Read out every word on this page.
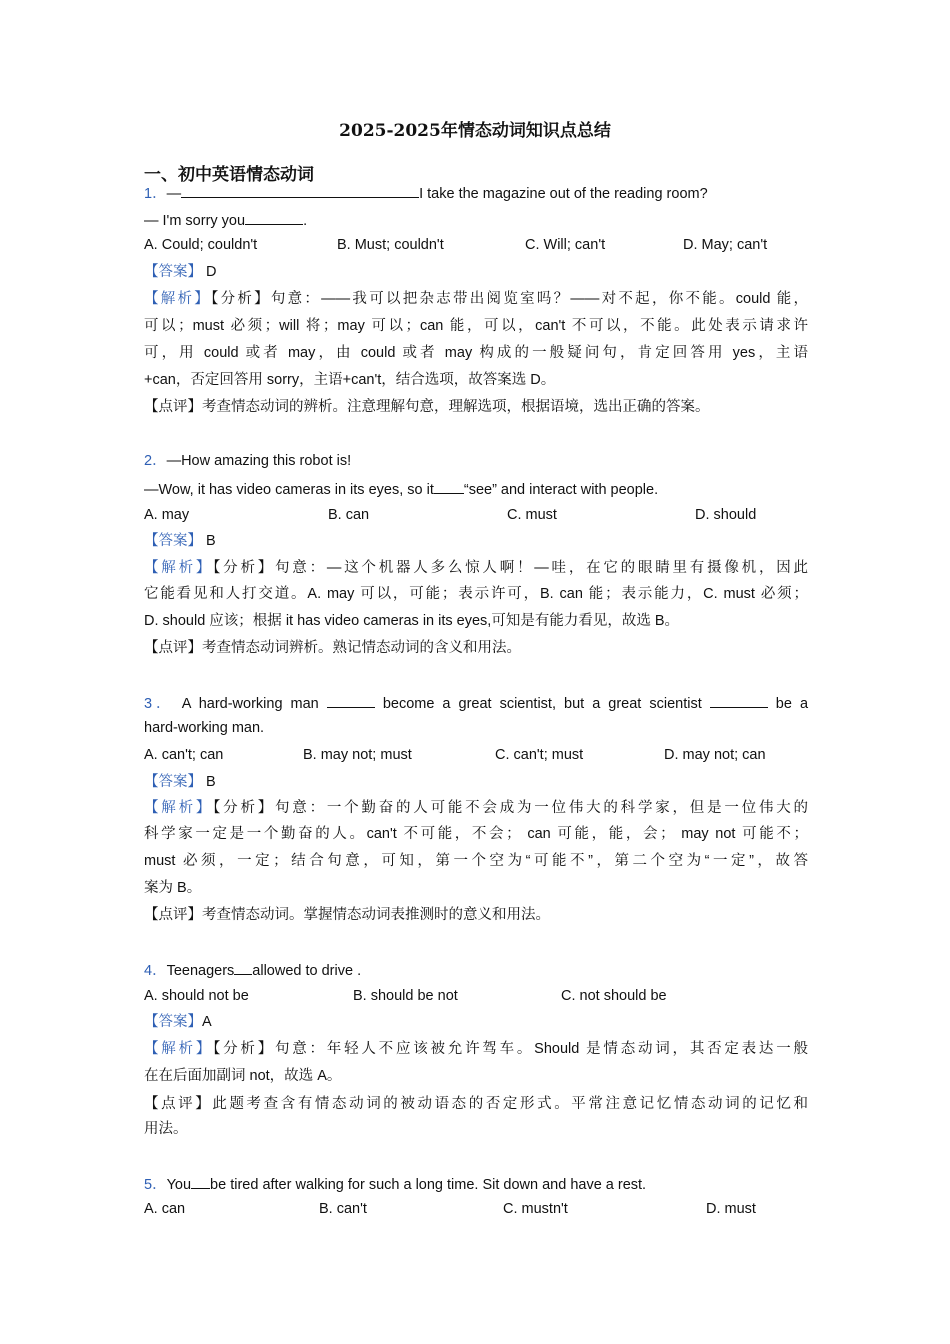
2025-2025年情态动词知识点总结
一、初中英语情态动词
1．—	I take the magazine out of the reading room?
— I'm sorry you	.
A. Could; couldn't	B. Must; couldn't	C. Will; can't	D. May; can't
【答案】 D
【解析】【分析】句意：——我可以把杂志带出阅览室吗？——对不起，你不能。could 能，
可以；must 必须；will 将；may 可以；can 能，可以，can't 不可以，不能。此处表示请求许
可，用 could 或者 may，由 could 或者 may 构成的一般疑问句，肯定回答用 yes，主语
+can，否定回答用 sorry，主语+can't，结合选项，故答案选 D。
【点评】考查情态动词的辨析。注意理解句意，理解选项，根据语境，选出正确的答案。
2．—How amazing this robot is!
—Wow, it has video cameras in its eyes, so it “see” and interact with people.
A. may	B. can	C. must	D. should
【答案】 B
【解析】【分析】句意：—这个机器人多么惊人啊！—哇，在它的眼睛里有摄像机，因此
它能看见和人打交道。A. may 可以，可能；表示许可，B. can 能；表示能力，C. must 必须；
D. should 应该；根据 it has video cameras in its eyes,可知是有能力看见，故选 B。
【点评】考查情态动词辨析。熟记情态动词的含义和用法。
3． A hard-working man	become a great scientist, but a great scientist	be a
hard-working man.
A. can't; can	B. may not; must	C. can't; must	D. may not; can
【答案】 B
【解析】【分析】句意：一个勤奋的人可能不会成为一位伟大的科学家，但是一位伟大的
科学家一定是一个勤奋的人。can't 不可能，不会； can 可能，能，会； may not 可能不；
must 必须，一定；结合句意，可知，第一个空为“可能不”，第二个空为“一定”，故答
案为 B。
【点评】考查情态动词。掌握情态动词表推测时的意义和用法。
4．Teenagers allowed to drive .
A. should not be	B. should be not	C. not should be
【答案】A
【解析】【分析】句意：年轻人不应该被允许驾车。Should 是情态动词，其否定表达一般
在在后面加副词 not，故选 A。
【点评】此题考查含有情态动词的被动语态的否定形式。平常注意记忆情态动词的记忆和
用法。
5．You be tired after walking for such a long time. Sit down and have a rest.
A. can	B. can't	C. mustn't	D. must
